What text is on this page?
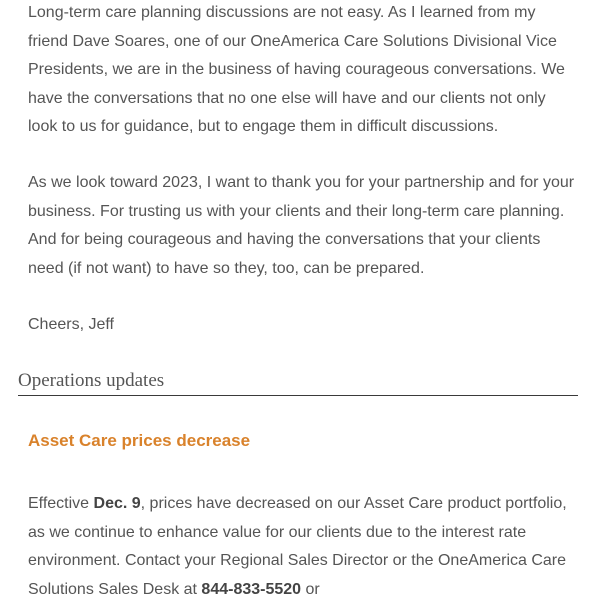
Long-term care planning discussions are not easy. As I learned from my friend Dave Soares, one of our OneAmerica Care Solutions Divisional Vice Presidents, we are in the business of having courageous conversations. We have the conversations that no one else will have and our clients not only look to us for guidance, but to engage them in difficult discussions.

As we look toward 2023, I want to thank you for your partnership and for your business. For trusting us with your clients and their long-term care planning. And for being courageous and having the conversations that your clients need (if not want) to have so they, too, can be prepared.

Cheers, Jeff

Operations updates
Asset Care prices decrease

Effective Dec. 9, prices have decreased on our Asset Care product portfolio, as we continue to enhance value for our clients due to the interest rate environment. Contact your Regional Sales Director or the OneAmerica Care Solutions Sales Desk at 844-833-5520 or
